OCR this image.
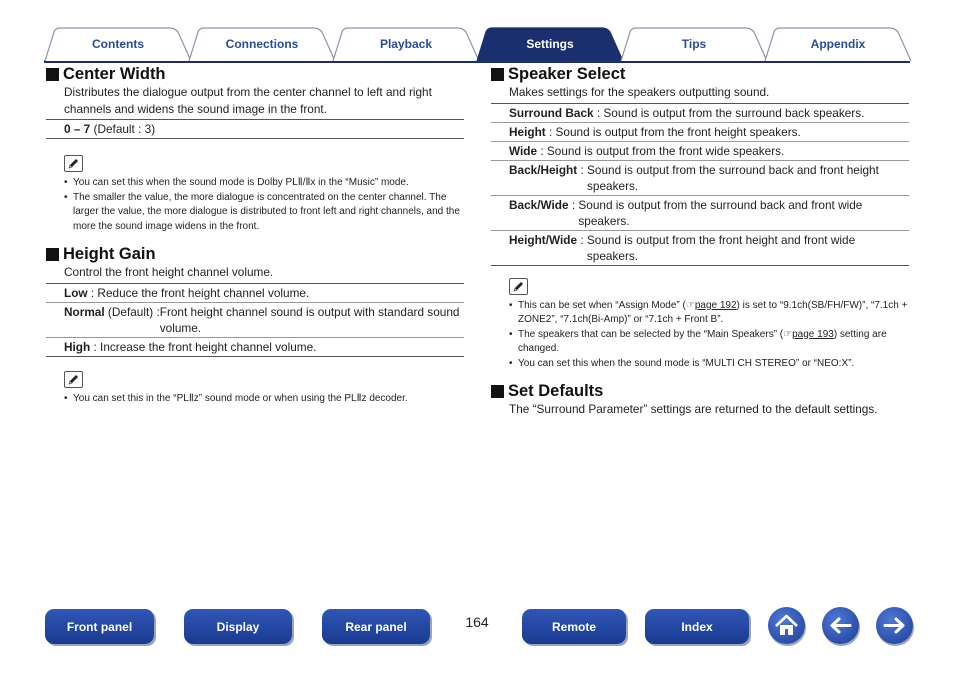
Contents	Connections	Playback	Settings	Tips	Appendix
Center Width

Distributes the dialogue output from the center channel to left and right channels and widens the sound image in the front.

0 – 7 (Default : 3)
• You can set this when the sound mode is Dolby PLⅡ/Ⅱx in the “Music” mode.
• The smaller the value, the more dialogue is concentrated on the center channel. The larger the value, the more dialogue is distributed to front left and right channels, and the more the sound image widens in the front.
Height Gain

Control the front height channel volume.

Low : Reduce the front height channel volume.
Normal (Default) : Front height channel sound is output with standard sound volume.
High : Increase the front height channel volume.
• You can set this in the “PLⅡz” sound mode or when using the PLⅡz decoder.
Speaker Select

Makes settings for the speakers outputting sound.

Surround Back : Sound is output from the surround back speakers.
Height : Sound is output from the front height speakers.
Wide : Sound is output from the front wide speakers.
Back/Height : Sound is output from the surround back and front height speakers.
Back/Wide : Sound is output from the surround back and front wide speakers.
Height/Wide : Sound is output from the front height and front wide speakers.
• This can be set when “Assign Mode” (☞page 192) is set to “9.1ch(SB/FH/FW)”, “7.1ch + ZONE2”, “7.1ch(Bi-Amp)” or “7.1ch + Front B”.
• The speakers that can be selected by the “Main Speakers” (☞page 193) setting are changed.
• You can set this when the sound mode is “MULTI CH STEREO” or “NEO:X”.
Set Defaults

The “Surround Parameter” settings are returned to the default settings.

Front panel	Display	Rear panel	164	Remote	Index
